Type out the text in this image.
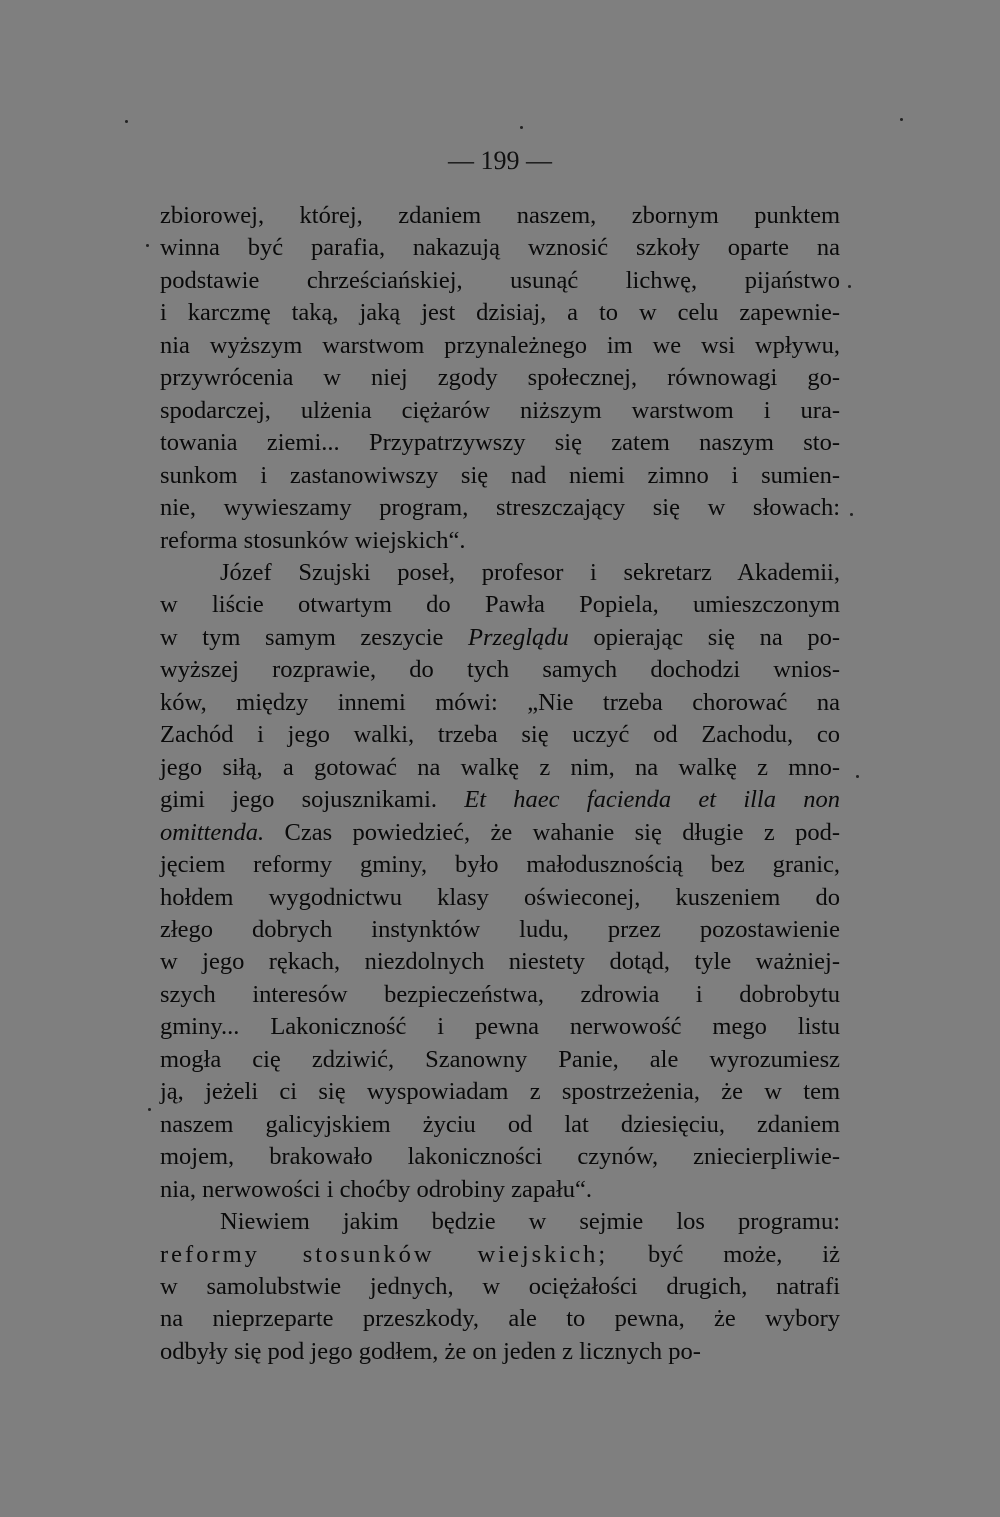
— 199 —
zbiorowej, której, zdaniem naszem, zbornym punktem
winna być parafia, nakazują wznosić szkoły oparte na
podstawie chrześciańskiej, usunąć lichwę, pijaństwo
i karczmę taką, jaką jest dzisiaj, a to w celu zapewnie-
nia wyższym warstwom przynależnego im we wsi wpływu,
przywrócenia w niej zgody społecznej, równowagi go-
spodarczej, ulżenia ciężarów niższym warstwom i ura-
towania ziemi... Przypatrzywszy się zatem naszym sto-
sunkom i zastanowiwszy się nad niemi zimno i sumien-
nie, wywieszamy program, streszczający się w słowach:
reforma stosunków wiejskich“.
Józef Szujski poseł, profesor i sekretarz Akademii,
w liście otwartym do Pawła Popiela, umieszczonym
w tym samym zeszycie Przeglądu opierając się na po-
wyższej rozprawie, do tych samych dochodzi wnios-
ków, między innemi mówi: „Nie trzeba chorować na
Zachód i jego walki, trzeba się uczyć od Zachodu, co
jego siłą, a gotować na walkę z nim, na walkę z mno-
gimi jego sojusznikami. Et haec facienda et illa non
omittenda. Czas powiedzieć, że wahanie się długie z pod-
jęciem reformy gminy, było małodusznością bez granic,
hołdem wygodnictwu klasy oświeconej, kuszeniem do
złego dobrych instynktów ludu, przez pozostawienie
w jego rękach, niezdolnych niestety dotąd, tyle ważniej-
szych interesów bezpieczeństwa, zdrowia i dobrobytu
gminy... Lakoniczność i pewna nerwowość mego listu
mogła cię zdziwić, Szanowny Panie, ale wyrozumiesz
ją, jeżeli ci się wyspowiadam z spostrzeżenia, że w tem
naszem galicyjskiem życiu od lat dziesięciu, zdaniem
mojem, brakowało lakoniczności czynów, zniecierpliwie-
nia, nerwowości i choćby odrobiny zapału“.
Niewiem jakim będzie w sejmie los programu:
reformy stosunków wiejskich; być może, iż
w samolubstwie jednych, w ociężałości drugich, natrafi
na nieprzeparte przeszkody, ale to pewna, że wybory
odbyły się pod jego godłem, że on jeden z licznych po-
